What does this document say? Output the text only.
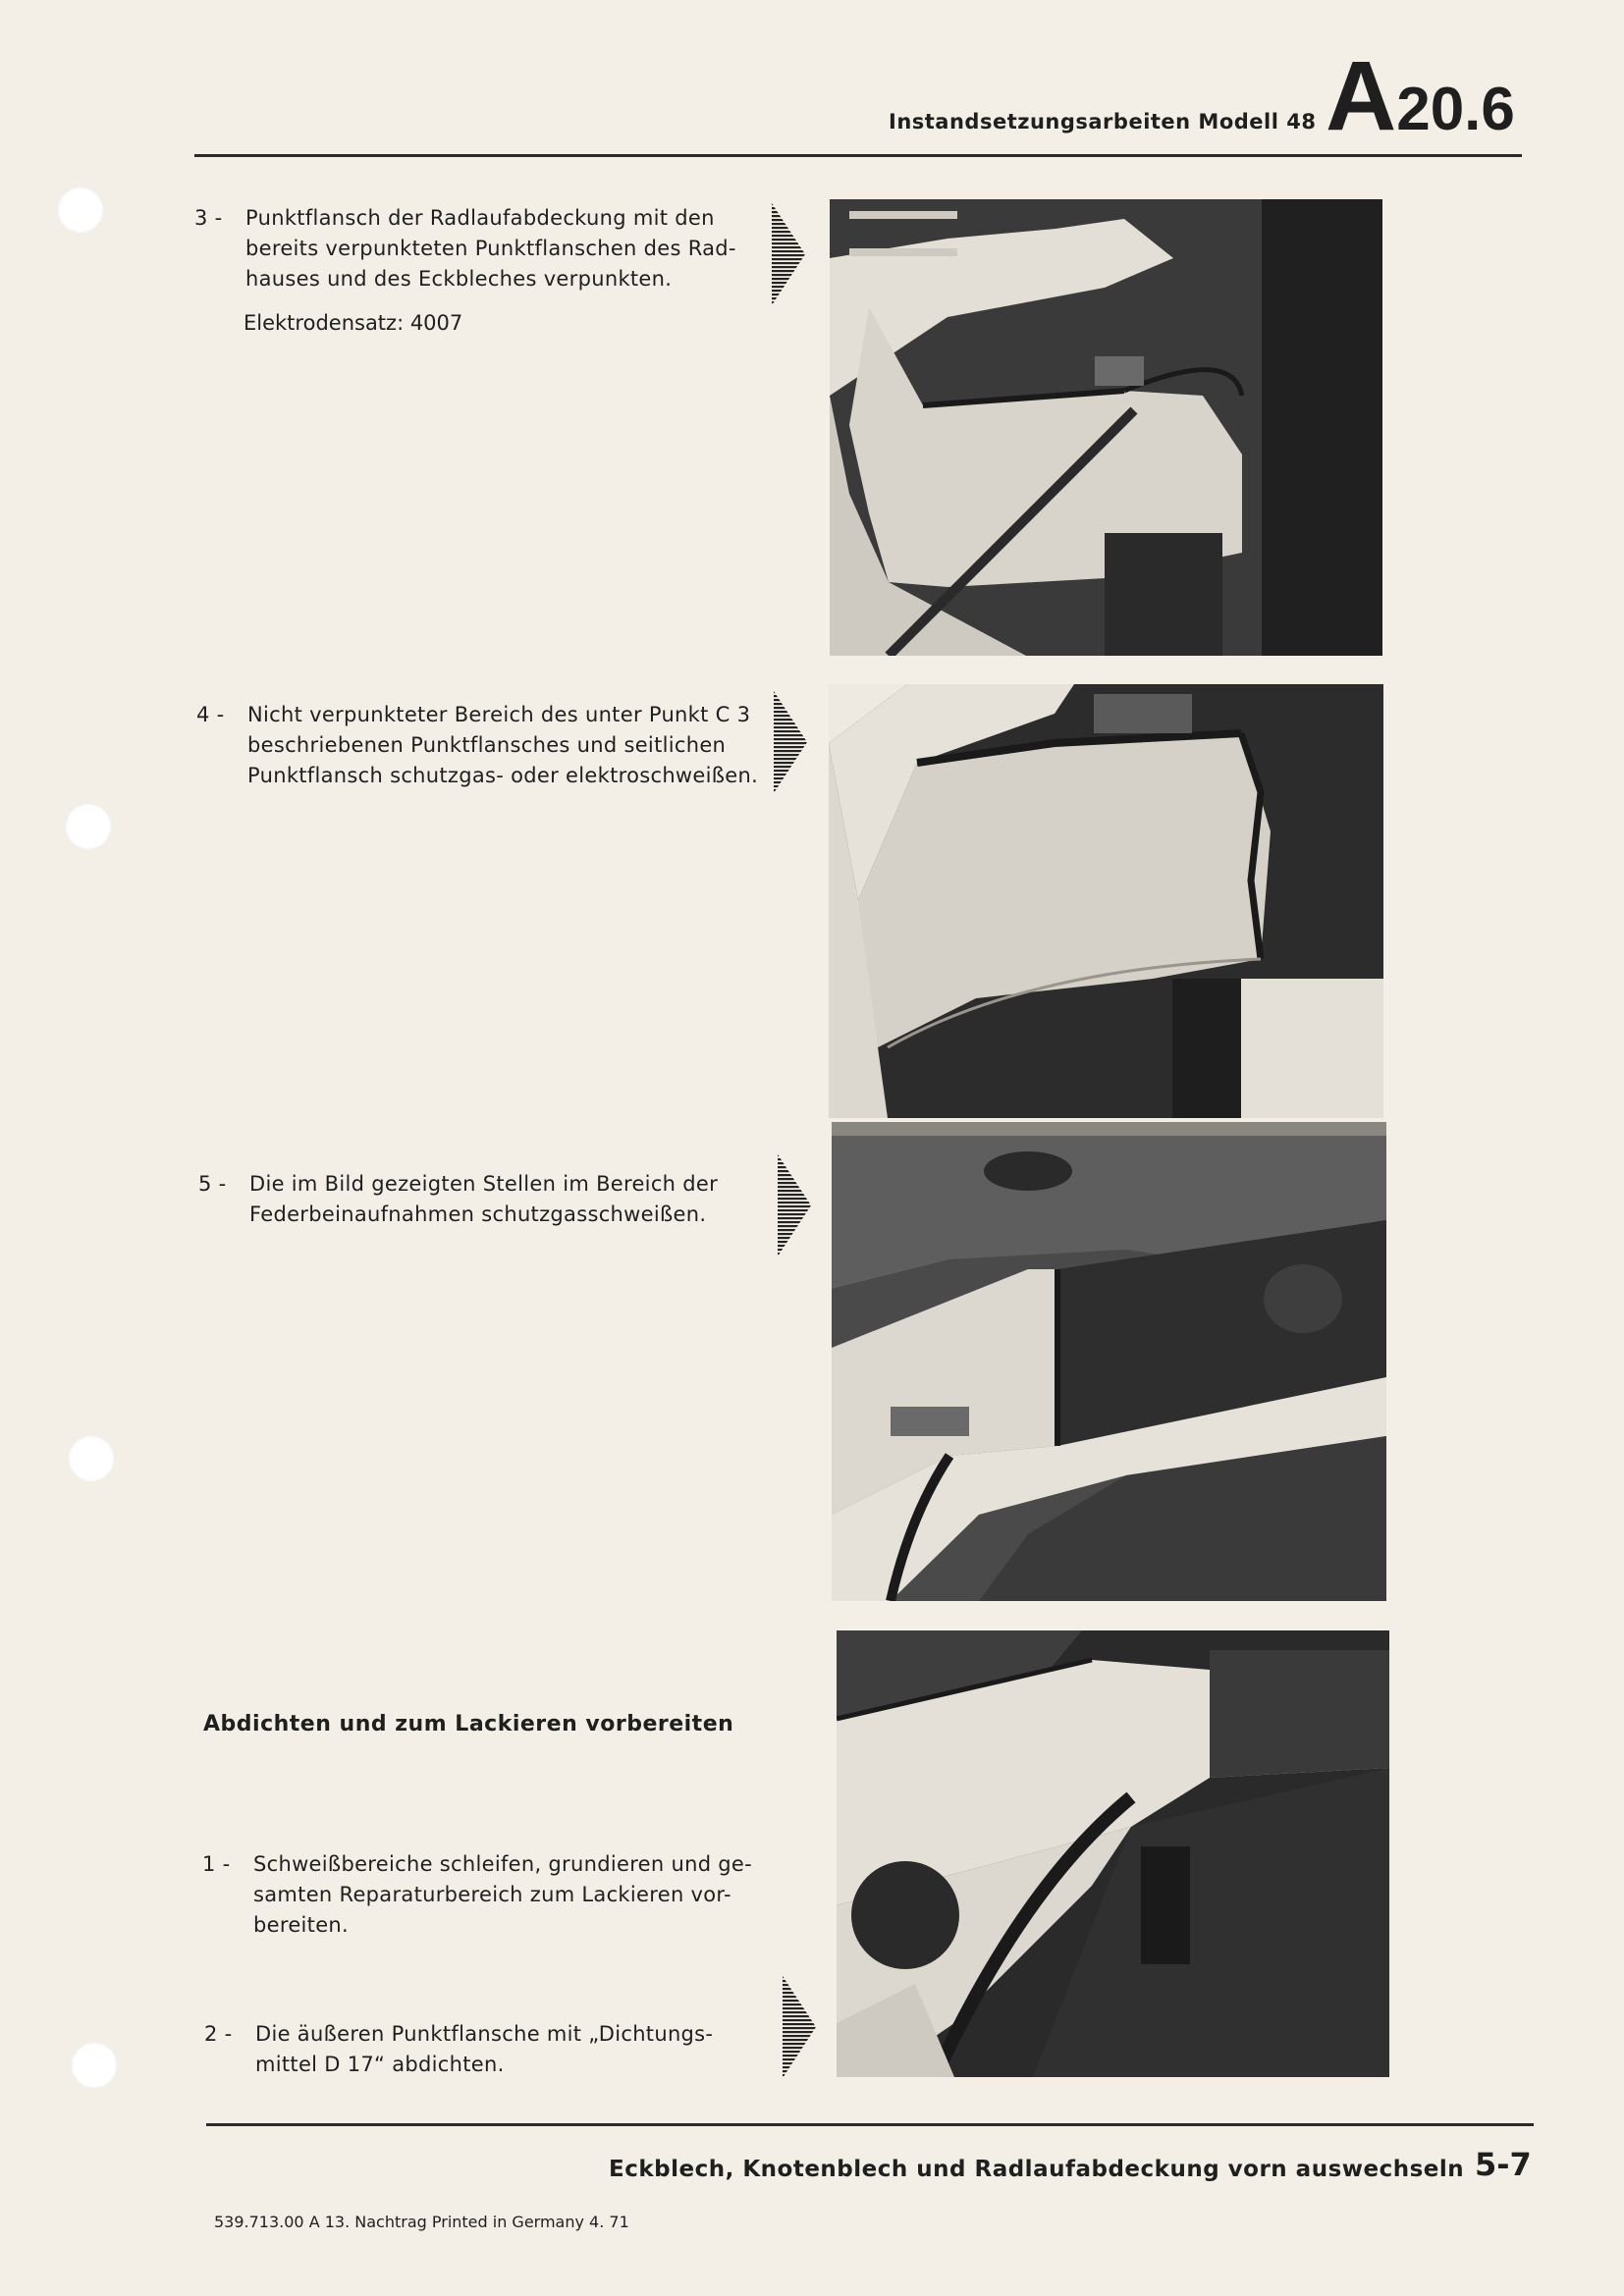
Instandsetzungsarbeiten Modell 48 A20.6
3 - Punktflansch der Radlaufabdeckung mit den
bereits verpunkteten Punktflanschen des Rad-
hauses und des Eckbleches verpunkten.
Elektrodensatz: 4007
4 - Nicht verpunkteter Bereich des unter Punkt C 3
beschriebenen Punktflansches und seitlichen
Punktflansch schutzgas- oder elektroschweißen.
5 - Die im Bild gezeigten Stellen im Bereich der
Federbeinaufnahmen schutzgasschweißen.
Abdichten und zum Lackieren vorbereiten
1 - Schweißbereiche schleifen, grundieren und ge-
samten Reparaturbereich zum Lackieren vor-
bereiten.
2 - Die äußeren Punktflansche mit „Dichtungs-
mittel D 17“ abdichten.
Eckblech, Knotenblech und Radlaufabdeckung vorn auswechseln 5-7
539.713.00 A 13. Nachtrag Printed in Germany 4. 71
